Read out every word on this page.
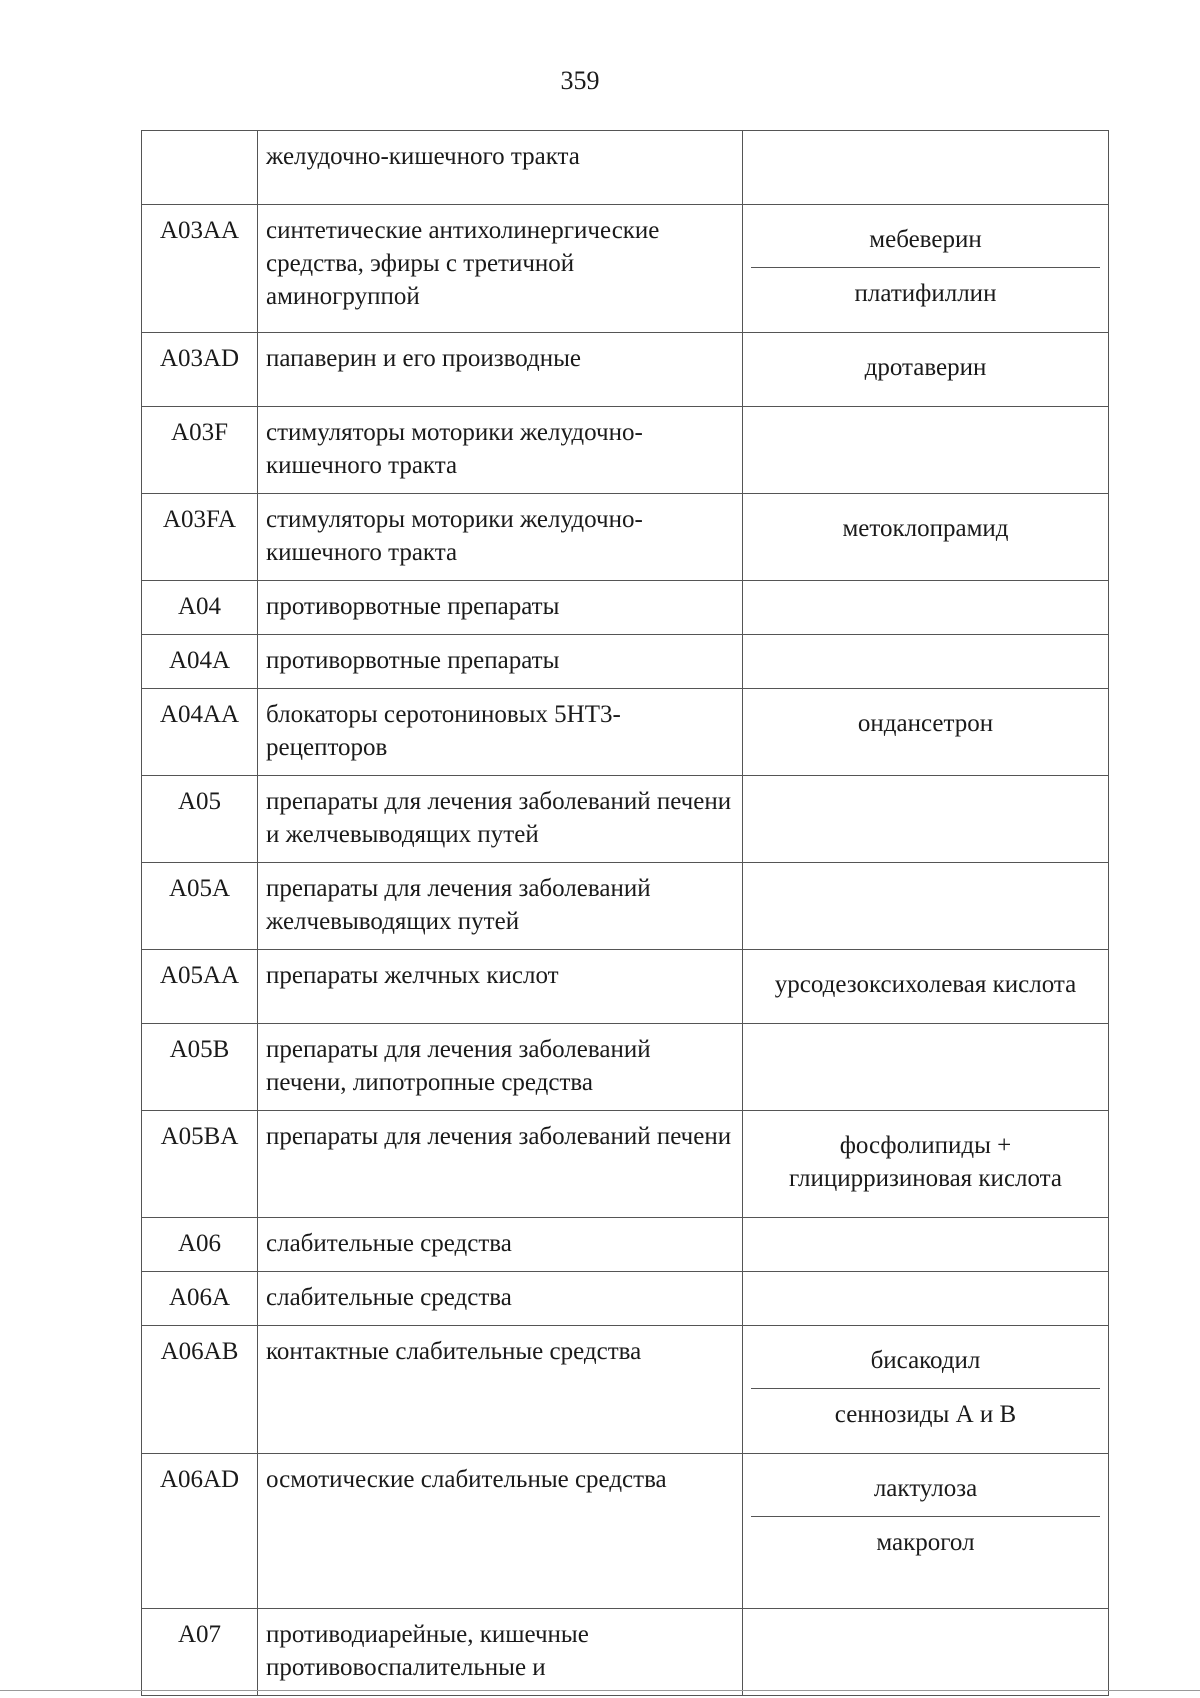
359
	желудочно-кишечного тракта	

A03AA	синтетические антихолинергические средства, эфиры с третичной аминогруппой	мебеверин
платифиллин

A03AD	папаверин и его производные	дротаверин

A03F	стимуляторы моторики желудочно-кишечного тракта	
A03FA	стимуляторы моторики желудочно-кишечного тракта	метоклопрамид

A04	противорвотные препараты	
A04A	противорвотные препараты	
A04AA	блокаторы серотониновых 5НТ3-рецепторов	ондансетрон

A05	препараты для лечения заболеваний печени и желчевыводящих путей	
A05A	препараты для лечения заболеваний желчевыводящих путей	
A05AA	препараты желчных кислот	урсодезоксихолевая кислота

A05B	препараты для лечения заболеваний печени, липотропные средства	
A05BA	препараты для лечения заболеваний печени	фосфолипиды + глицирризиновая кислота

A06	слабительные средства	
A06A	слабительные средства	
A06AB	контактные слабительные средства	бисакодил
сеннозиды А и В

A06AD	осмотические слабительные средства	лактулоза
макрогол

A07	противодиарейные, кишечные противовоспалительные и	
